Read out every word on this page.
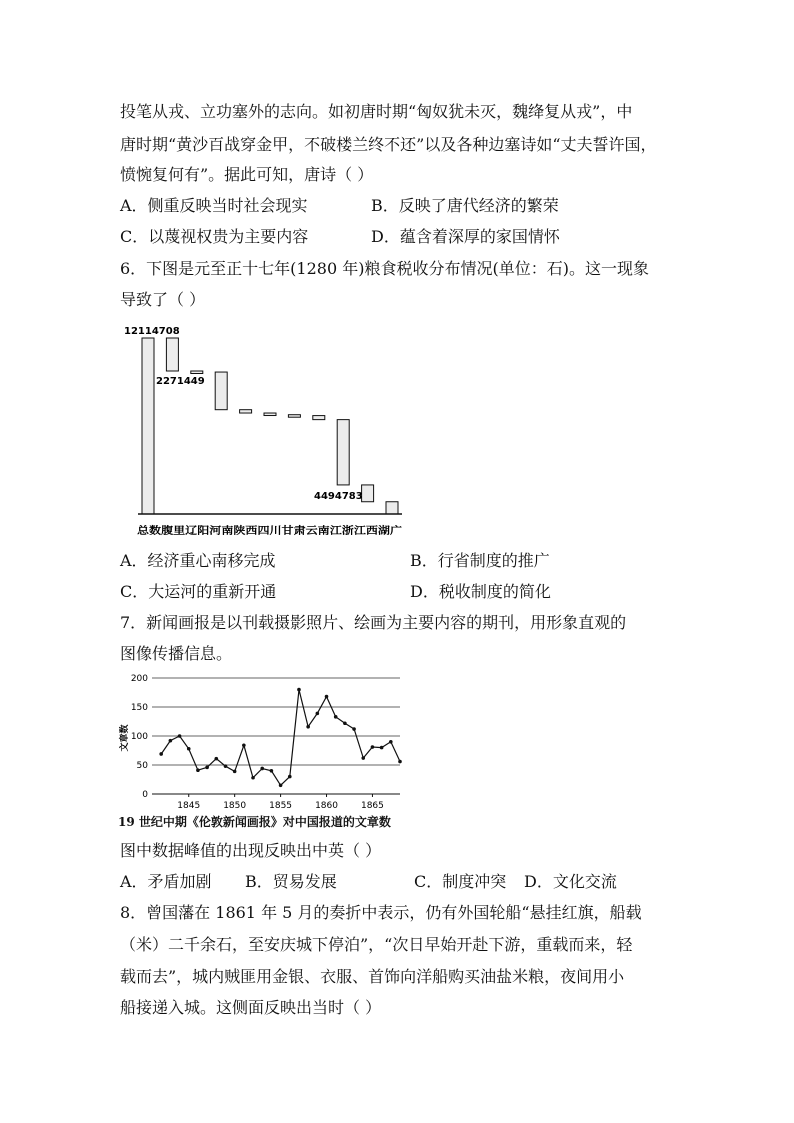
投笔从戎、立功塞外的志向。如初唐时期“匈奴犹未灭，魏绛复从戎”，中
唐时期“黄沙百战穿金甲，不破楼兰终不还”以及各种边塞诗如“丈夫誓许国，
愤惋复何有”。据此可知，唐诗（ ）
A．侧重反映当时社会现实	B．反映了唐代经济的繁荣
C．以蔑视权贵为主要内容	D．蕴含着深厚的家国情怀
6．下图是元至正十七年(1280 年)粮食税收分布情况(单位：石)。这一现象
导致了（ ）
12114708
2271449
4494783
总数腹里辽阳河南陕西四川甘肃云南江浙江西湖广
A．经济重心南移完成	B．行省制度的推广
C．大运河的重新开通	D．税收制度的简化
7．新闻画报是以刊载摄影照片、绘画为主要内容的期刊，用形象直观的
图像传播信息。
0
50
100
150
200
1845	1850	1855	1860	1865
文章数
19 世纪中期《伦敦新闻画报》对中国报道的文章数
图中数据峰值的出现反映出中英（ ）
A．矛盾加剧 B．贸易发展	C．制度冲突 D．文化交流
8．曾国藩在 1861 年 5 月的奏折中表示，仍有外国轮船“悬挂红旗，船载
（米）二千余石，至安庆城下停泊”，“次日早始开赴下游，重载而来，轻
载而去”，城内贼匪用金银、衣服、首饰向洋船购买油盐米粮，夜间用小
船接递入城。这侧面反映出当时（ ）
